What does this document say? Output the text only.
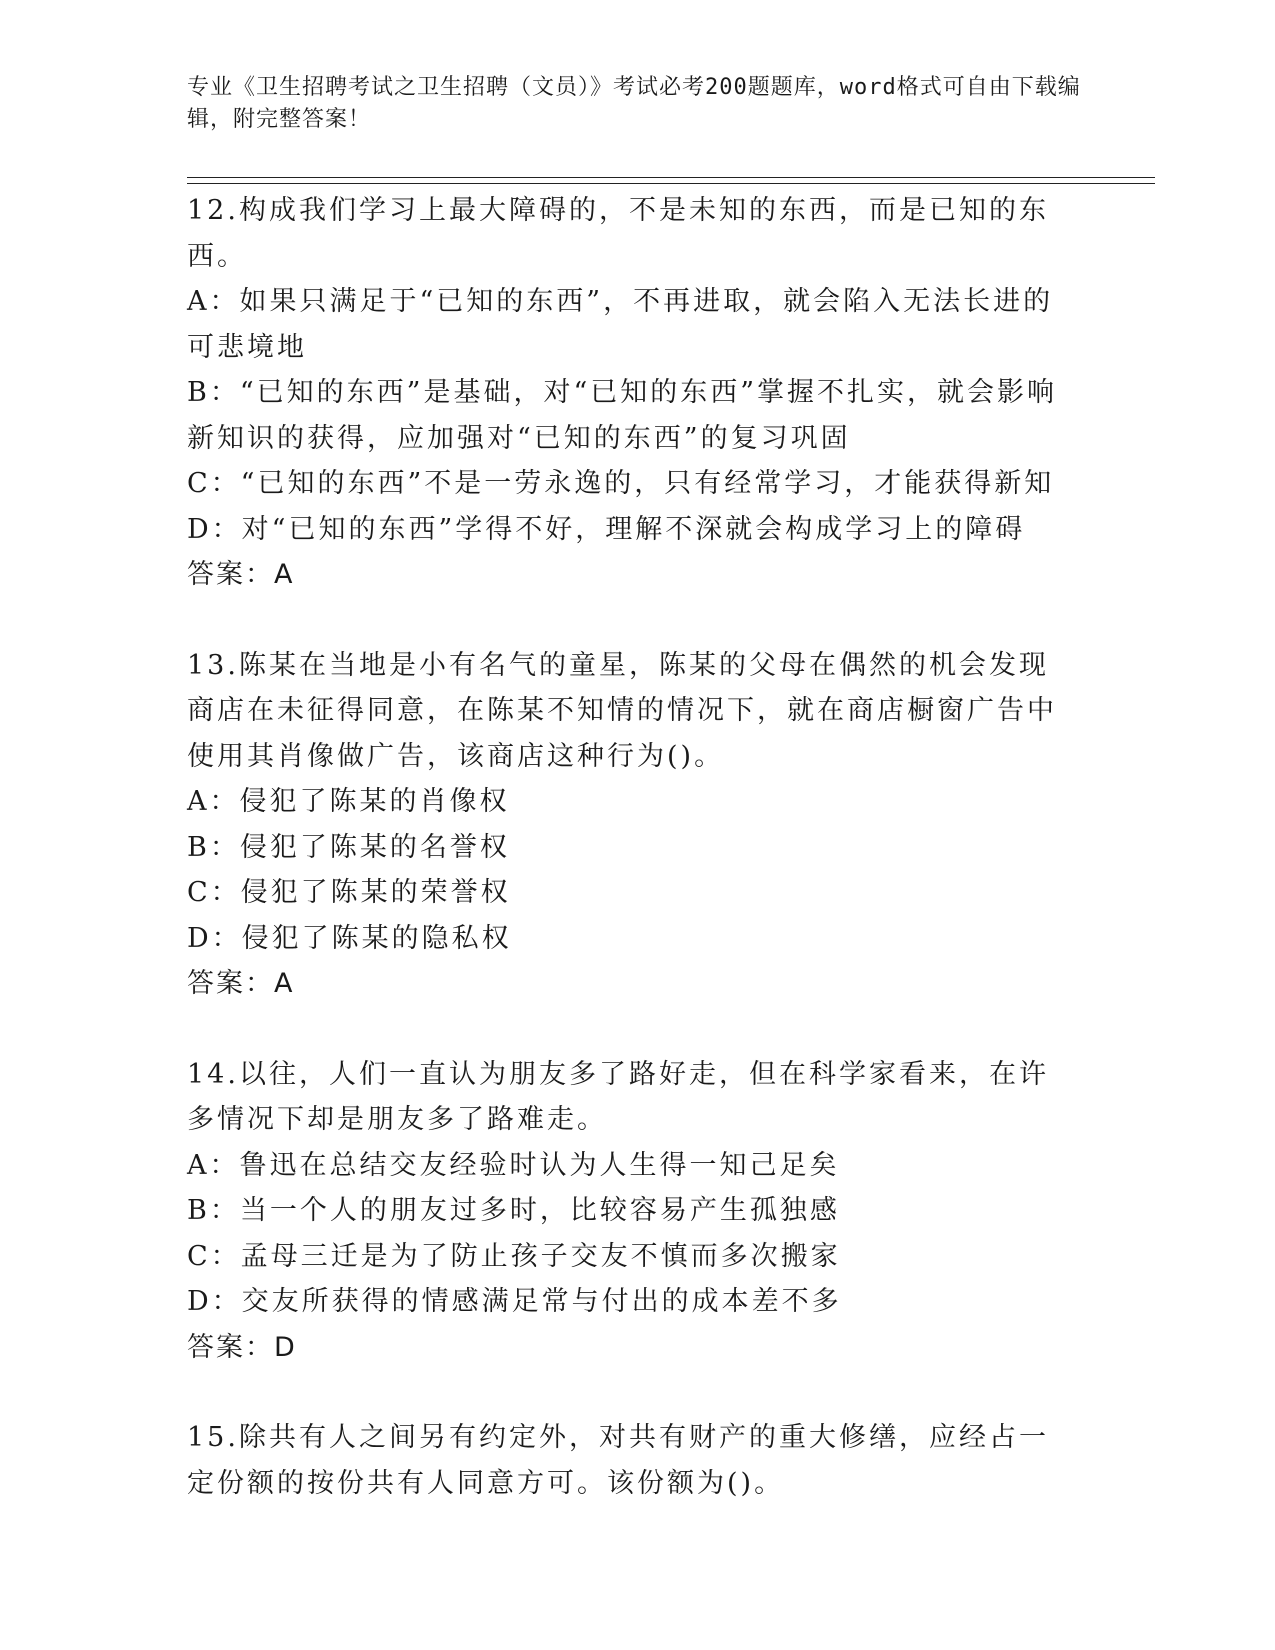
专业《卫生招聘考试之卫生招聘（文员）》考试必考200题题库，word格式可自由下载编辑，附完整答案！
12.构成我们学习上最大障碍的，不是未知的东西，而是已知的东西。
A：如果只满足于“已知的东西”，不再进取，就会陷入无法长进的可悲境地
B：“已知的东西”是基础，对“已知的东西”掌握不扎实，就会影响新知识的获得，应加强对“已知的东西”的复习巩固
C：“已知的东西”不是一劳永逸的，只有经常学习，才能获得新知
D：对“已知的东西”学得不好，理解不深就会构成学习上的障碍
答案：A
13.陈某在当地是小有名气的童星，陈某的父母在偶然的机会发现商店在未征得同意，在陈某不知情的情况下，就在商店橱窗广告中使用其肖像做广告，该商店这种行为()。
A：侵犯了陈某的肖像权
B：侵犯了陈某的名誉权
C：侵犯了陈某的荣誉权
D：侵犯了陈某的隐私权
答案：A
14.以往，人们一直认为朋友多了路好走，但在科学家看来，在许多情况下却是朋友多了路难走。
A：鲁迅在总结交友经验时认为人生得一知己足矣
B：当一个人的朋友过多时，比较容易产生孤独感
C：孟母三迁是为了防止孩子交友不慎而多次搬家
D：交友所获得的情感满足常与付出的成本差不多
答案：D
15.除共有人之间另有约定外，对共有财产的重大修缮，应经占一定份额的按份共有人同意方可。该份额为()。
